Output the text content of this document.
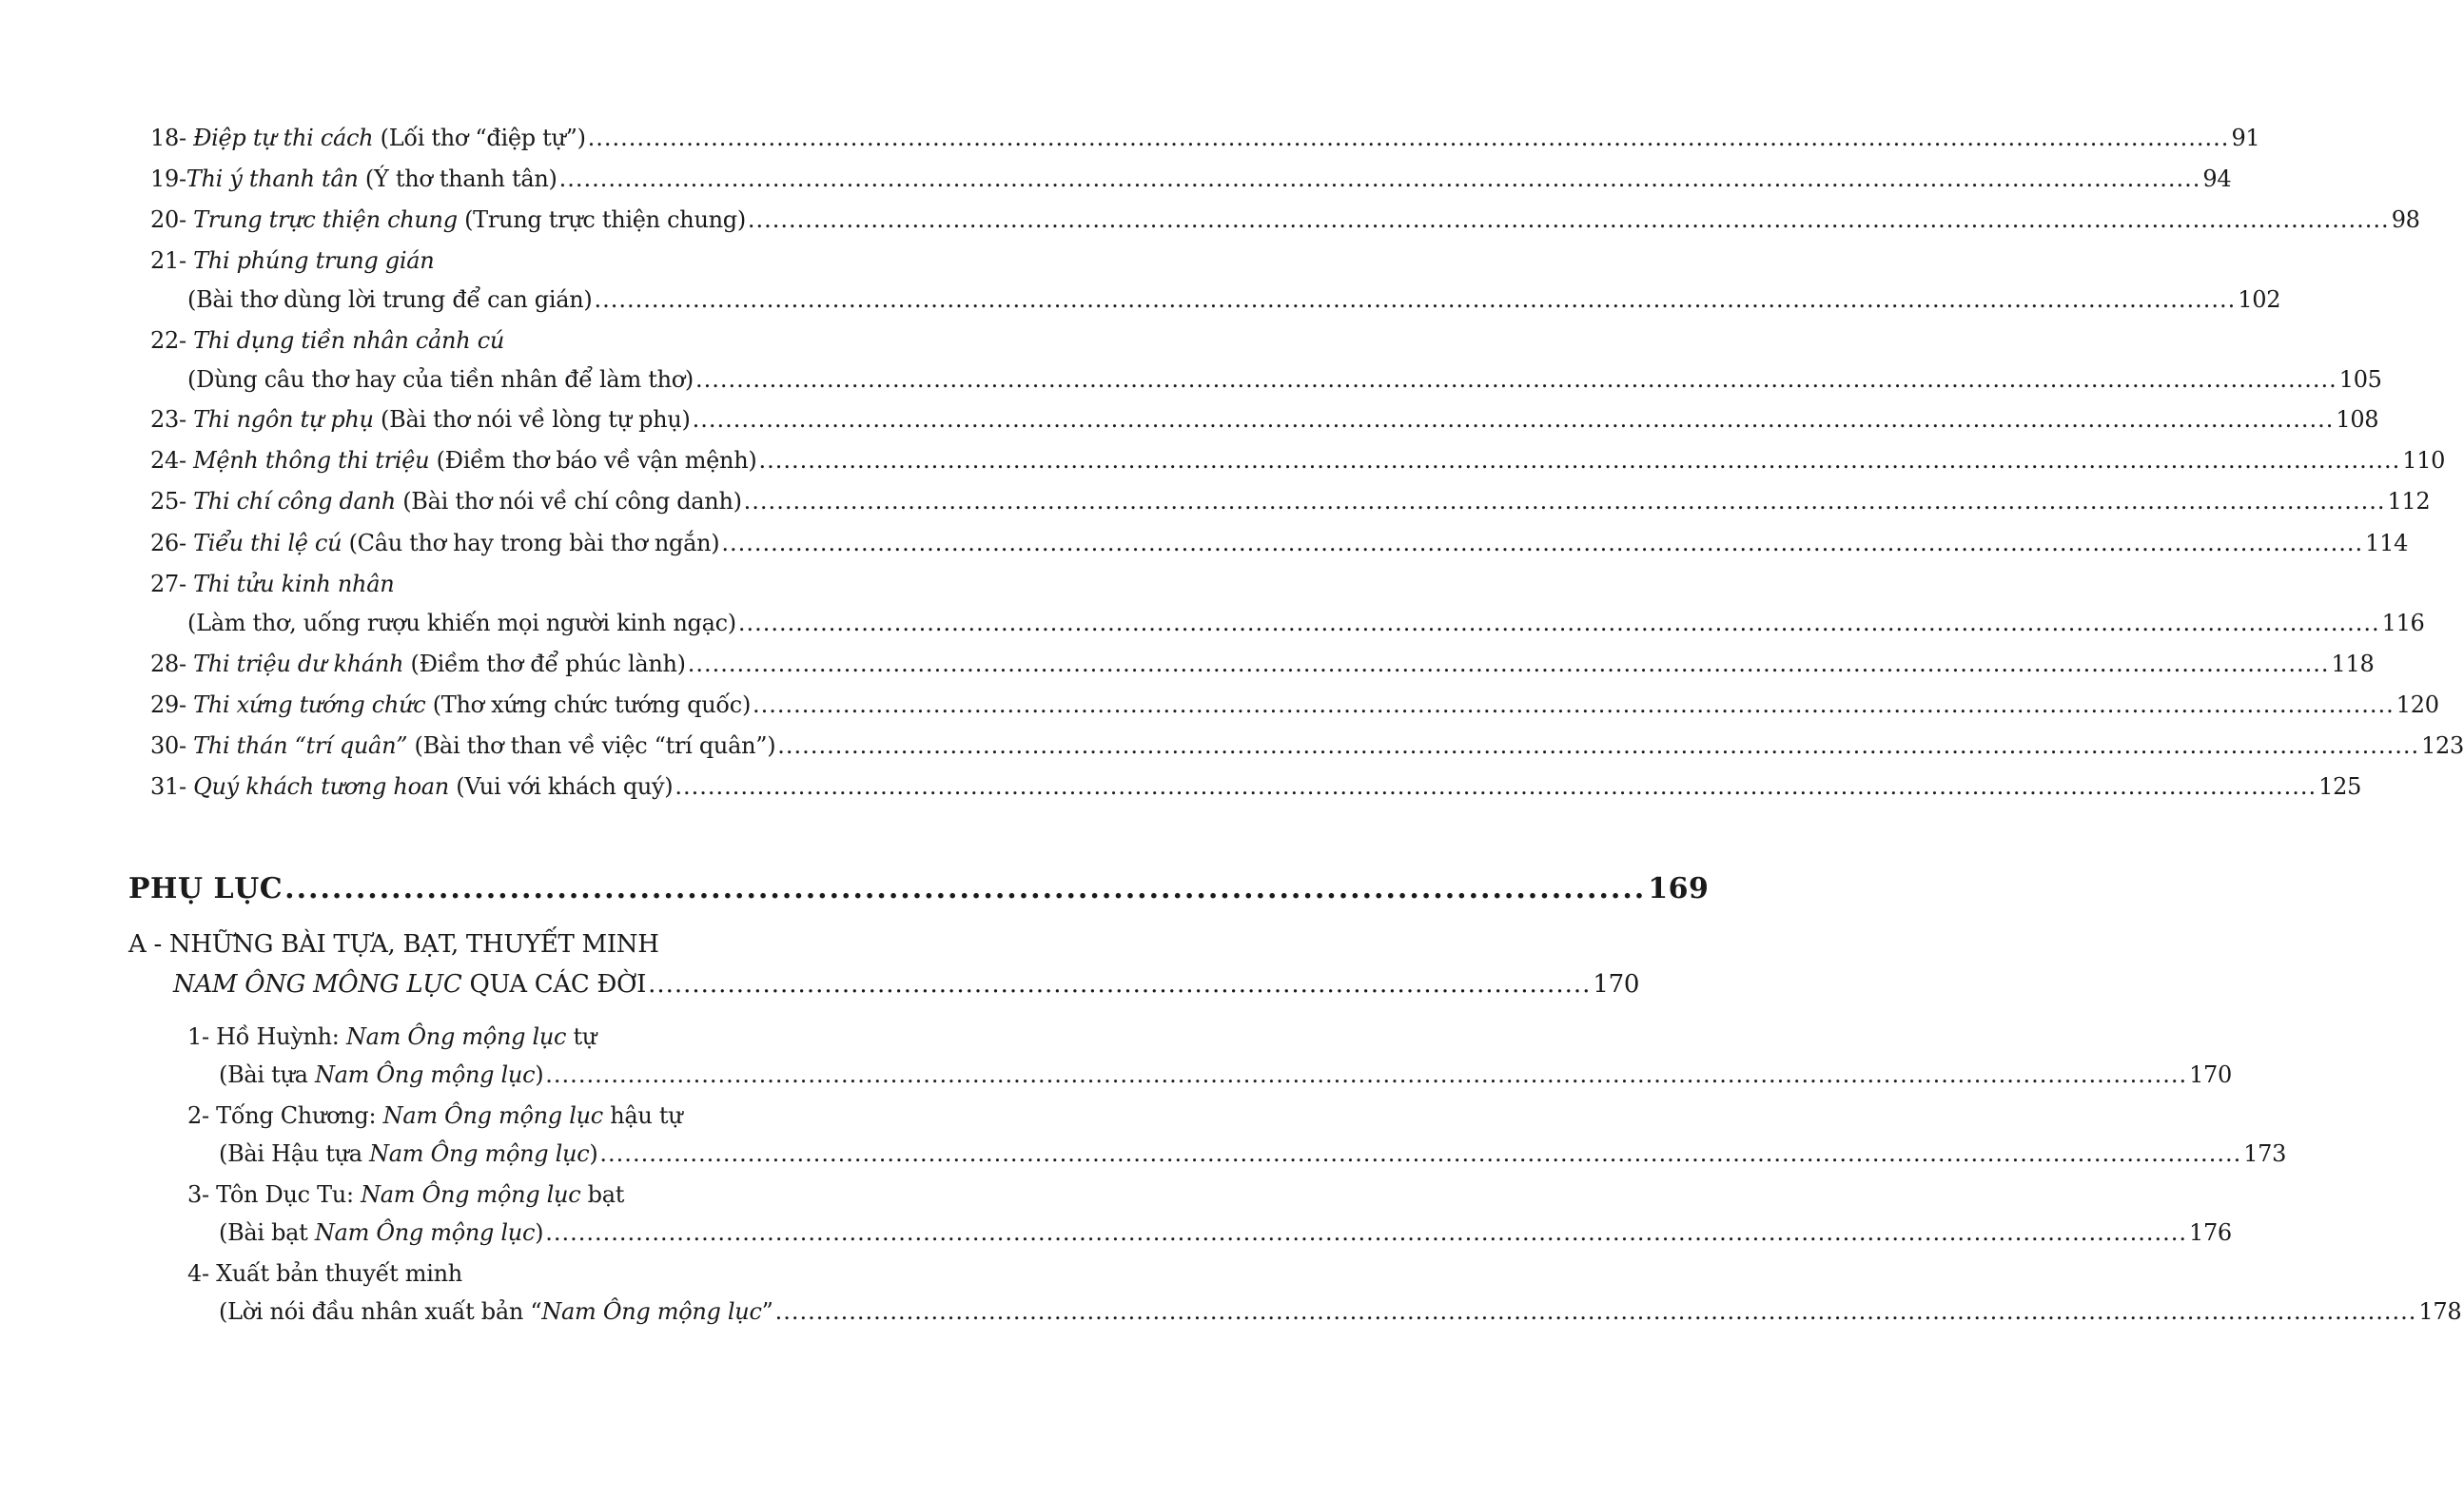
18- Điệp tự thi cách (Lối thơ “điệp tự”) ........................................................................................................................................................................................................ 91
19-Thi ý thanh tân (Ý thơ thanh tân) ........................................................................................................................................................................................................ 94
20- Trung trực thiện chung (Trung trực thiện chung) ........................................................................................................................................................................................................ 98
21- Thi phúng trung gián
(Bài thơ dùng lời trung để can gián) ........................................................................................................................................................................................................ 102
22- Thi dụng tiền nhân cảnh cú
(Dùng câu thơ hay của tiền nhân để làm thơ) ........................................................................................................................................................................................................ 105
23- Thi ngôn tự phụ (Bài thơ nói về lòng tự phụ) ........................................................................................................................................................................................................ 108
24- Mệnh thông thi triệu (Điềm thơ báo về vận mệnh) ........................................................................................................................................................................................................ 110
25- Thi chí công danh (Bài thơ nói về chí công danh) ........................................................................................................................................................................................................ 112
26- Tiểu thi lệ cú (Câu thơ hay trong bài thơ ngắn) ........................................................................................................................................................................................................ 114
27- Thi tửu kinh nhân
(Làm thơ, uống rượu khiến mọi người kinh ngạc) ........................................................................................................................................................................................................ 116
28- Thi triệu dư khánh (Điềm thơ để phúc lành) ........................................................................................................................................................................................................ 118
29- Thi xứng tướng chức (Thơ xứng chức tướng quốc) ........................................................................................................................................................................................................ 120
30- Thi thán “trí quân” (Bài thơ than về việc “trí quân”) ........................................................................................................................................................................................................ 123
31- Quý khách tương hoan (Vui với khách quý) ........................................................................................................................................................................................................ 125
PHỤ LỤC ................................................................................................................... 169
A - NHỮNG BÀI TỰA, BẠT, THUYẾT MINH
NAM ÔNG MÔNG LỤC QUA CÁC ĐỜI ........................................................................................................... 170
1- Hồ Huỳnh: Nam Ông mộng lục tự
(Bài tựa Nam Ông mộng lục) ........................................................................................................................................................................................................ 170
2- Tống Chương: Nam Ông mộng lục hậu tự
(Bài Hậu tựa Nam Ông mộng lục) ........................................................................................................................................................................................................ 173
3- Tôn Dục Tu: Nam Ông mộng lục bạt
(Bài bạt Nam Ông mộng lục) ........................................................................................................................................................................................................ 176
4- Xuất bản thuyết minh
(Lời nói đầu nhân xuất bản “Nam Ông mộng lục” ........................................................................................................................................................................................................ 178
